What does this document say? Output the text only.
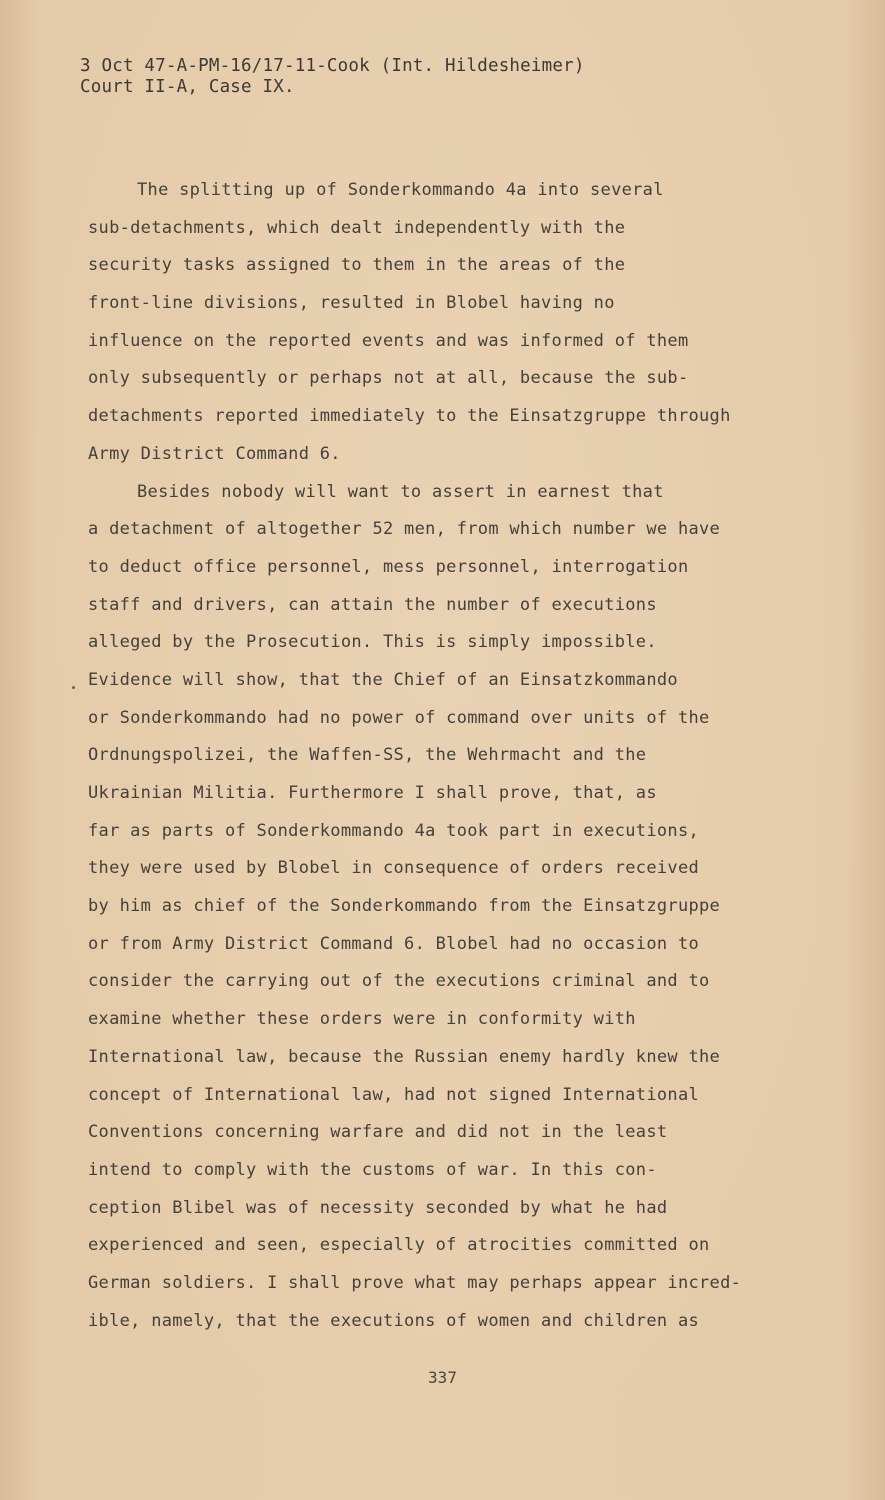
3 Oct 47-A-PM-16/17-11-Cook (Int. Hildesheimer)
Court II-A, Case IX.
The splitting up of Sonderkommando 4a into several
sub-detachments, which dealt independently with the
security tasks assigned to them in the areas of the
front-line divisions, resulted in Blobel having no
influence on the reported events and was informed of them
only subsequently or perhaps not at all, because the sub-
detachments reported immediately to the Einsatzgruppe through
Army District Command 6.
Besides nobody will want to assert in earnest that
a detachment of altogether 52 men, from which number we have
to deduct office personnel, mess personnel, interrogation
staff and drivers, can attain the number of executions
alleged by the Prosecution. This is simply impossible.
Evidence will show, that the Chief of an Einsatzkommando
or Sonderkommando had no power of command over units of the
Ordnungspolizei, the Waffen-SS, the Wehrmacht and the
Ukrainian Militia. Furthermore I shall prove, that, as
far as parts of Sonderkommando 4a took part in executions,
they were used by Blobel in consequence of orders received
by him as chief of the Sonderkommando from the Einsatzgruppe
or from Army District Command 6. Blobel had no occasion to
consider the carrying out of the executions criminal and to
examine whether these orders were in conformity with
International law, because the Russian enemy hardly knew the
concept of International law, had not signed International
Conventions concerning warfare and did not in the least
intend to comply with the customs of war. In this con-
ception Blibel was of necessity seconded by what he had
experienced and seen, especially of atrocities committed on
German soldiers. I shall prove what may perhaps appear incred-
ible, namely, that the executions of women and children as
337
